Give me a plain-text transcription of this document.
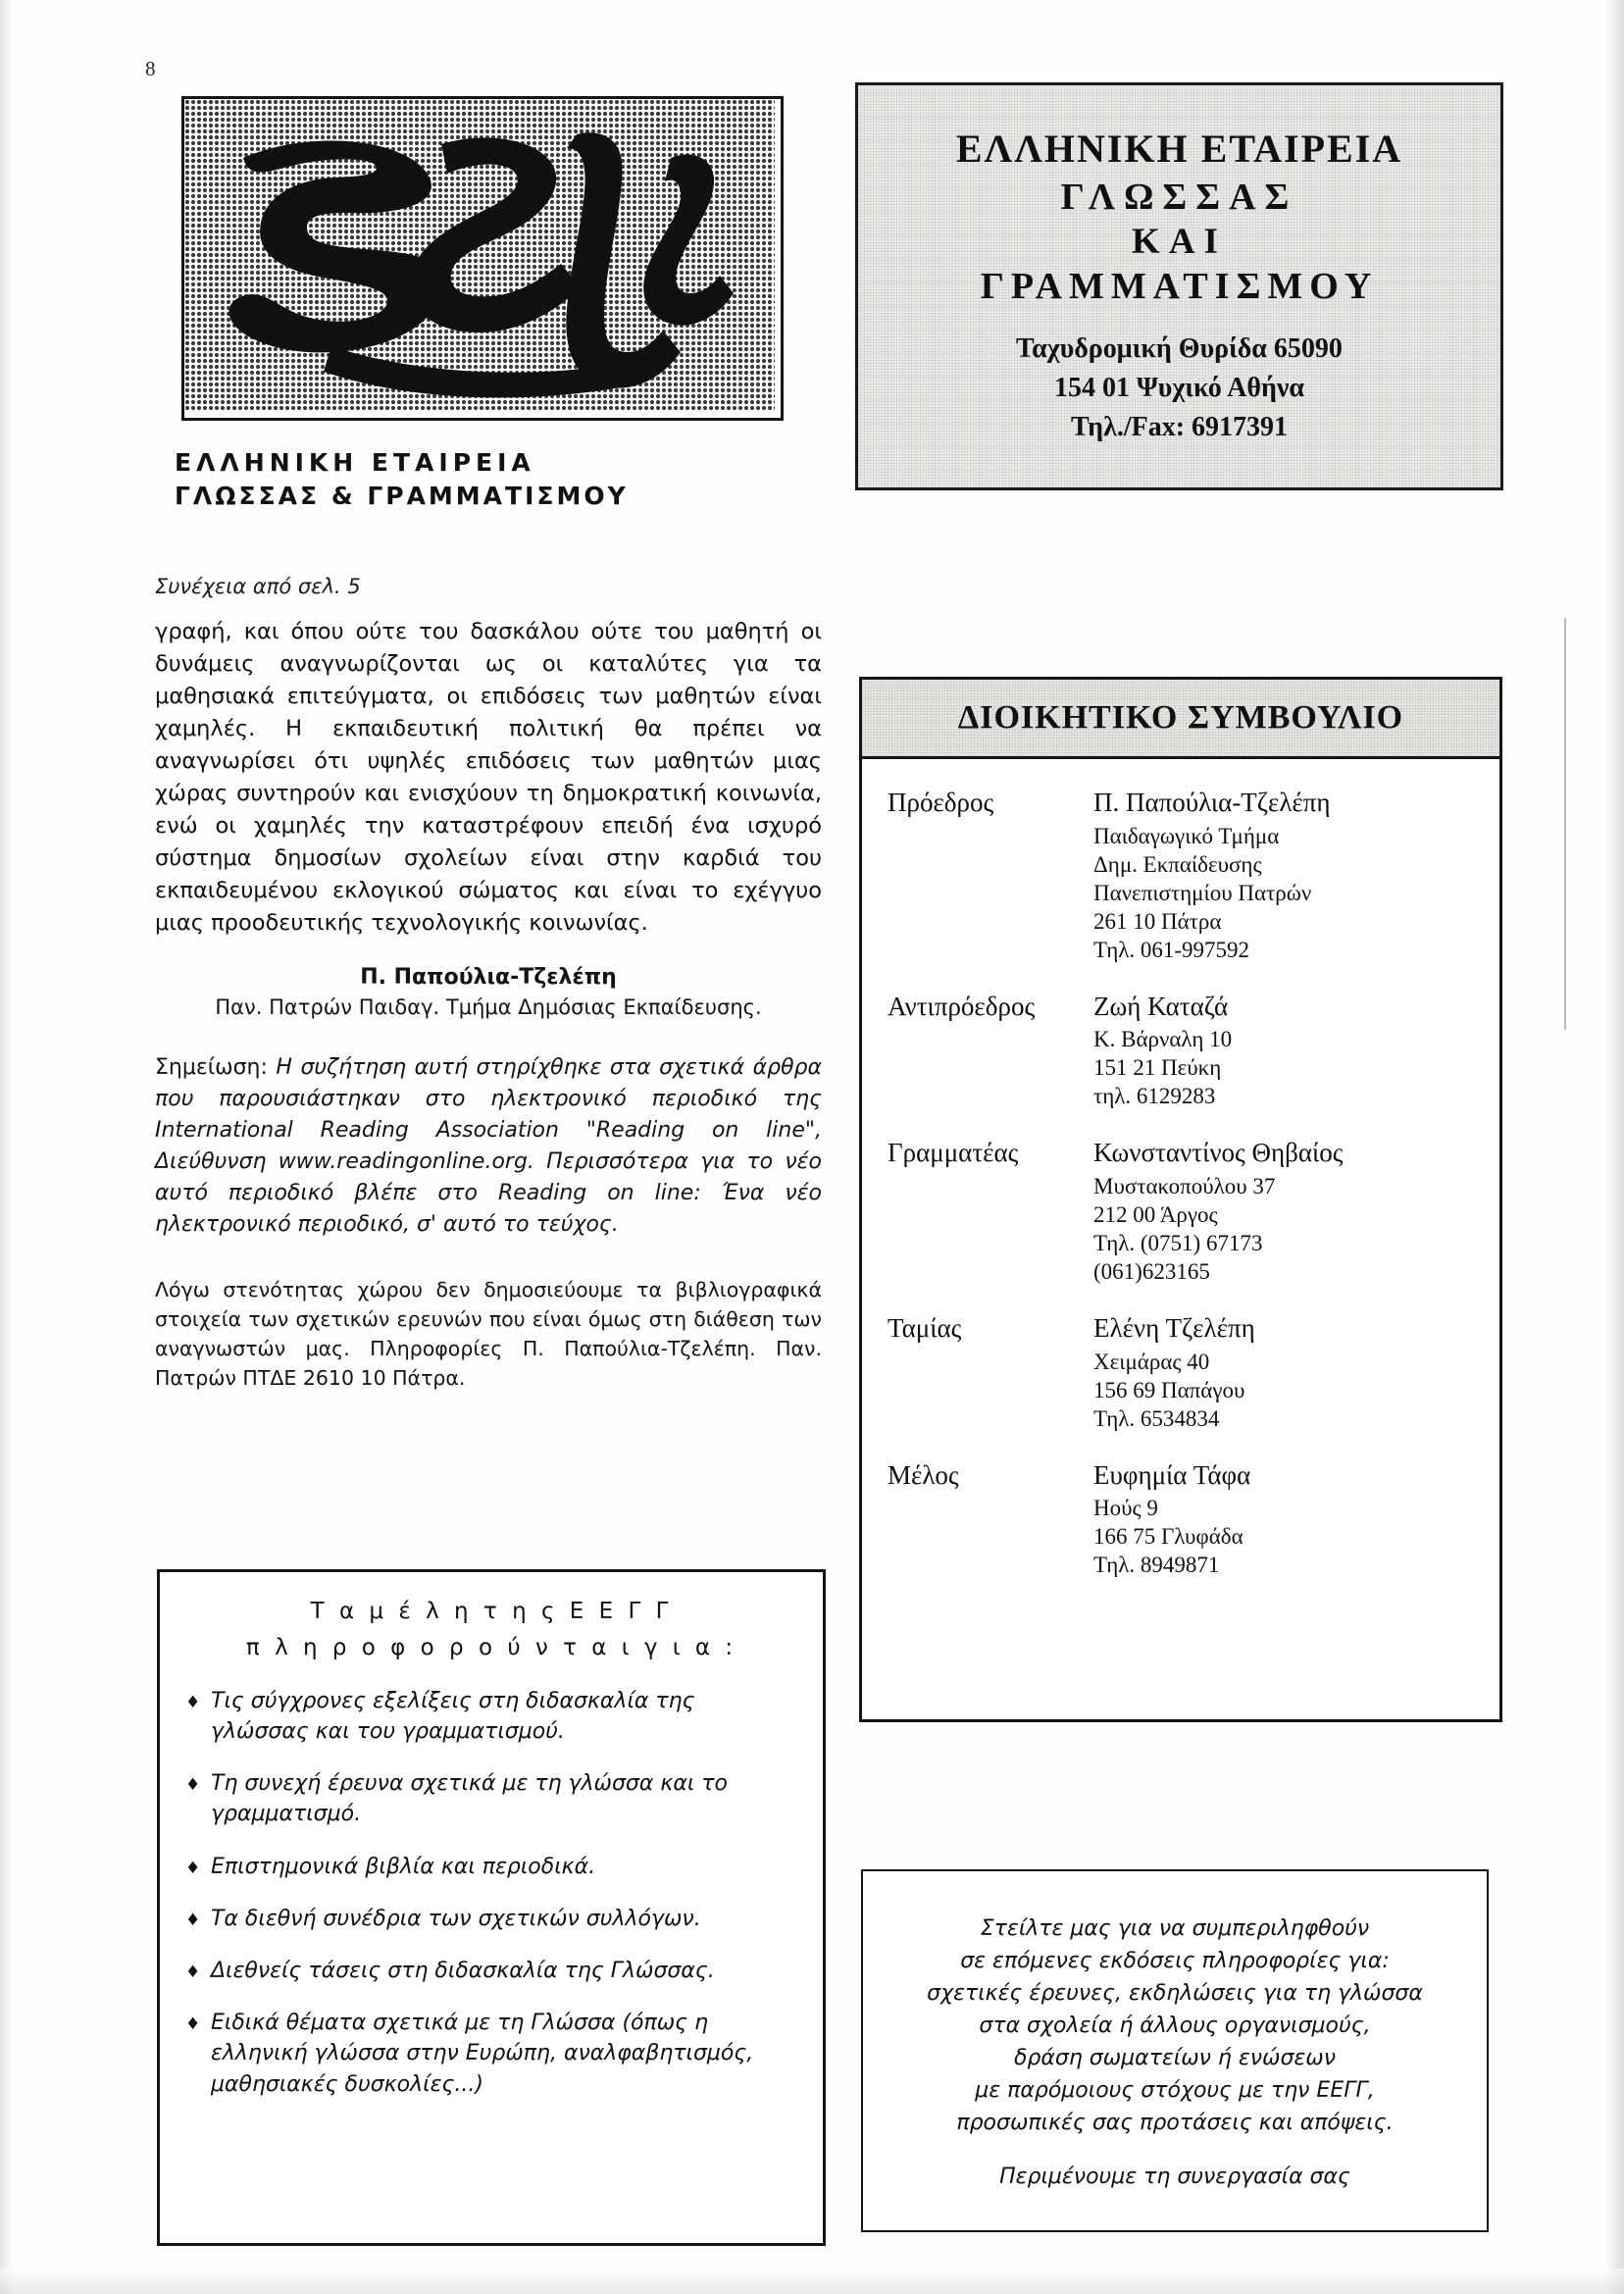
8
ΕΛΛΗΝΙΚΗ ΕΤΑΙΡΕΙΑ
ΓΛΩΣΣΑΣ & ΓΡΑΜΜΑΤΙΣΜΟΥ
ΕΛΛΗΝΙΚΗ ΕΤΑΙΡΕΙΑ
ΓΛΩΣΣΑΣ
ΚΑΙ
ΓΡΑΜΜΑΤΙΣΜΟΥ
Ταχυδρομική Θυρίδα 65090
154 01 Ψυχικό Αθήνα
Τηλ./Fax: 6917391
Συνέχεια από σελ. 5

γραφή, και όπου ούτε του δασκάλου ούτε του μαθητή οι δυνάμεις αναγνωρίζονται ως οι καταλύτες για τα μαθησιακά επιτεύγματα, οι επιδόσεις των μαθητών είναι χαμηλές. Η εκπαιδευτική πολιτική θα πρέπει να αναγνωρίσει ότι υψηλές επιδόσεις των μαθητών μιας χώρας συντηρούν και ενισχύουν τη δημοκρατική κοινωνία, ενώ οι χαμηλές την καταστρέφουν επειδή ένα ισχυρό σύστημα δημοσίων σχολείων είναι στην καρδιά του εκπαιδευμένου εκλογικού σώματος και είναι το εχέγγυο μιας προοδευτικής τεχνολογικής κοινωνίας.

Π. Παπούλια-Τζελέπη
Παν. Πατρών Παιδαγ. Τμήμα Δημόσιας Εκπαίδευσης.
Σημείωση: Η συζήτηση αυτή στηρίχθηκε στα σχετικά άρθρα που παρουσιάστηκαν στο ηλεκτρονικό περιοδικό της International Reading Association "Reading on line", Διεύθυνση www.readingonline.org. Περισσότερα για το νέο αυτό περιοδικό βλέπε στο Reading on line: Ένα νέο ηλεκτρονικό περιοδικό, σ' αυτό το τεύχος.
Λόγω στενότητας χώρου δεν δημοσιεύουμε τα βιβλιογραφικά στοιχεία των σχετικών ερευνών που είναι όμως στη διάθεση των αναγνωστών μας. Πληροφορίες Π. Παπούλια-Τζελέπη. Παν. Πατρών ΠΤΔΕ 2610 10 Πάτρα.
Τ α μ έ λ η τ η ς Ε Ε Γ Γ
π λ η ρ ο φ ο ρ ο ύ ν τ α ι γ ι α :
♦ Τις σύγχρονες εξελίξεις στη διδασκαλία της γλώσσας και του γραμματισμού.
♦ Τη συνεχή έρευνα σχετικά με τη γλώσσα και το γραμματισμό.
♦ Επιστημονικά βιβλία και περιοδικά.
♦ Τα διεθνή συνέδρια των σχετικών συλλόγων.
♦ Διεθνείς τάσεις στη διδασκαλία της Γλώσσας.
♦ Ειδικά θέματα σχετικά με τη Γλώσσα (όπως η ελληνική γλώσσα στην Ευρώπη, αναλφαβητισμός, μαθησιακές δυσκολίες...)
ΔΙΟΙΚΗΤΙΚΟ ΣΥΜΒΟΥΛΙΟ
Πρόεδρος	Π. Παπούλια-Τζελέπη
Παιδαγωγικό Τμήμα
Δημ. Εκπαίδευσης
Πανεπιστημίου Πατρών
261 10 Πάτρα
Τηλ. 061-997592
Αντιπρόεδρος	Ζωή Καταζά
Κ. Βάρναλη 10
151 21 Πεύκη
τηλ. 6129283
Γραμματέας	Κωνσταντίνος Θηβαίος
Μυστακοπούλου 37
212 00 Άργος
Τηλ. (0751) 67173
(061)623165
Ταμίας	Ελένη Τζελέπη
Χειμάρας 40
156 69 Παπάγου
Τηλ. 6534834
Μέλος	Ευφημία Τάφα
Ηούς 9
166 75 Γλυφάδα
Τηλ. 8949871
Στείλτε μας για να συμπεριληφθούν
σε επόμενες εκδόσεις πληροφορίες για:
σχετικές έρευνες, εκδηλώσεις για τη γλώσσα
στα σχολεία ή άλλους οργανισμούς,
δράση σωματείων ή ενώσεων
με παρόμοιους στόχους με την ΕΕΓΓ,
προσωπικές σας προτάσεις και απόψεις.
Περιμένουμε τη συνεργασία σας
